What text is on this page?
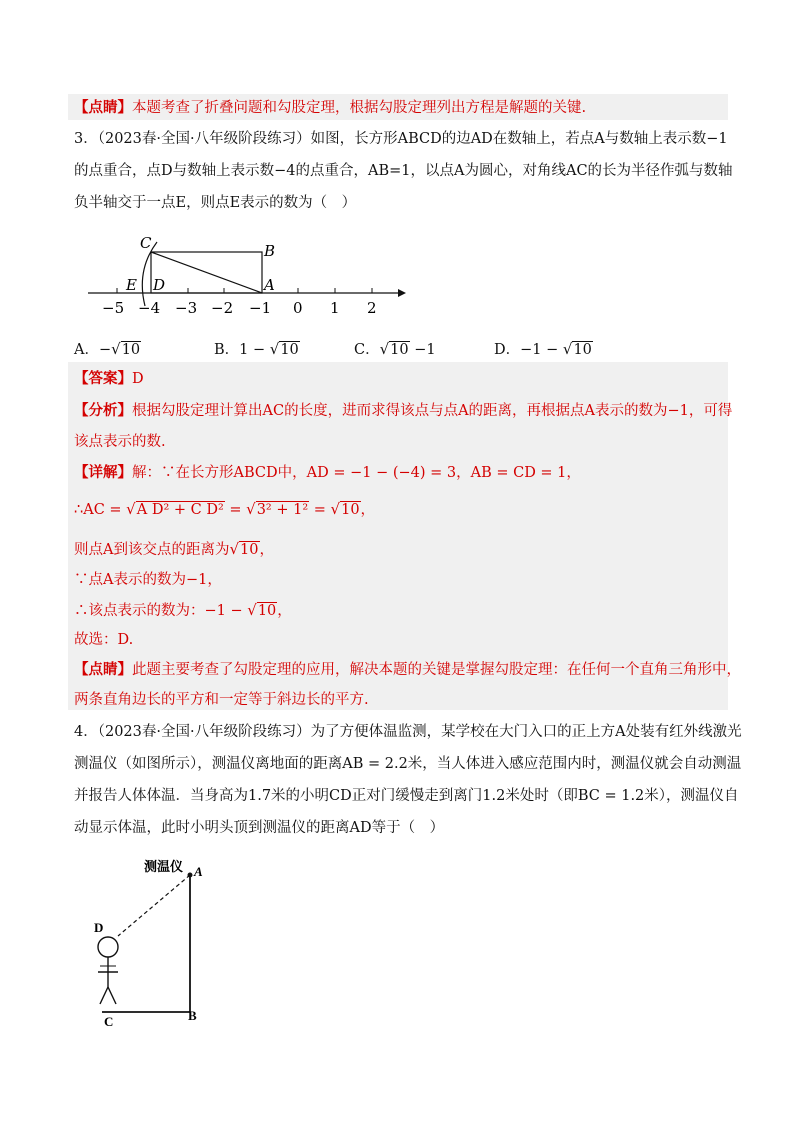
【点睛】本题考查了折叠问题和勾股定理，根据勾股定理列出方程是解题的关键.
3．（2023春·全国·八年级阶段练习）如图，长方形ABCD的边AD在数轴上，若点A与数轴上表示数−1
的点重合，点D与数轴上表示数−4的点重合，AB=1，以点A为圆心，对角线AC的长为半径作弧与数轴
负半轴交于一点E，则点E表示的数为（　）
−5 −4 −3 −2 −1 0 1 2
C	B
E D	A
A．−√10	B．1 − √10	C．√10 −1	D．−1 − √10
【答案】D
【分析】根据勾股定理计算出AC的长度，进而求得该点与点A的距离，再根据点A表示的数为−1，可得
该点表示的数.
【详解】解：∵在长方形ABCD中，AD = −1 − (−4) = 3，AB = CD = 1，
∴AC = √A D² + C D² = √3² + 1² = √10，
则点A到该交点的距离为√10，
∵点A表示的数为−1，
∴该点表示的数为：−1 − √10，
故选：D.
【点睛】此题主要考查了勾股定理的应用，解决本题的关键是掌握勾股定理：在任何一个直角三角形中，
两条直角边长的平方和一定等于斜边长的平方.
4．（2023春·全国·八年级阶段练习）为了方便体温监测，某学校在大门入口的正上方A处装有红外线激光
测温仪（如图所示），测温仪离地面的距离AB = 2.2米，当人体进入感应范围内时，测温仪就会自动测温
并报告人体体温．当身高为1.7米的小明CD正对门缓慢走到离门1.2米处时（即BC = 1.2米），测温仪自
动显示体温，此时小明头顶到测温仪的距离AD等于（　）
测温仪 A
D
C	B
